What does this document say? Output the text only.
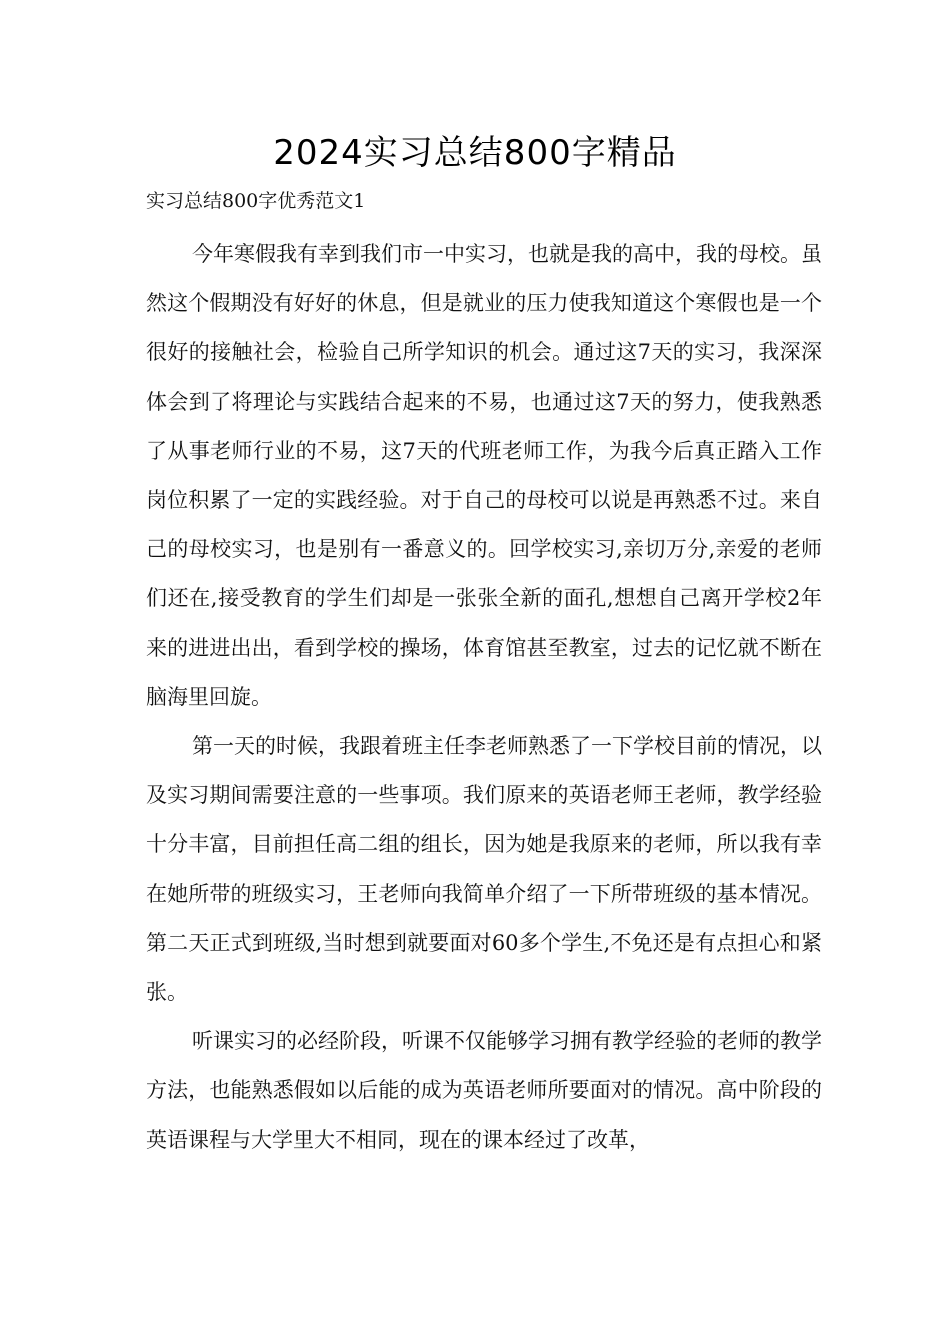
2024实习总结800字精品

实习总结800字优秀范文1

今年寒假我有幸到我们市一中实习，也就是我的高中，我的母校。虽然这个假期没有好好的休息，但是就业的压力使我知道这个寒假也是一个很好的接触社会，检验自己所学知识的机会。通过这7天的实习，我深深体会到了将理论与实践结合起来的不易，也通过这7天的努力，使我熟悉了从事老师行业的不易，这7天的代班老师工作，为我今后真正踏入工作岗位积累了一定的实践经验。对于自己的母校可以说是再熟悉不过。来自己的母校实习，也是别有一番意义的。回学校实习,亲切万分,亲爱的老师们还在,接受教育的学生们却是一张张全新的面孔,想想自己离开学校2年来的进进出出，看到学校的操场，体育馆甚至教室，过去的记忆就不断在脑海里回旋。

第一天的时候，我跟着班主任李老师熟悉了一下学校目前的情况，以及实习期间需要注意的一些事项。我们原来的英语老师王老师，教学经验十分丰富，目前担任高二组的组长，因为她是我原来的老师，所以我有幸在她所带的班级实习，王老师向我简单介绍了一下所带班级的基本情况。第二天正式到班级,当时想到就要面对60多个学生,不免还是有点担心和紧张。

听课实习的必经阶段，听课不仅能够学习拥有教学经验的老师的教学方法，也能熟悉假如以后能的成为英语老师所要面对的情况。高中阶段的英语课程与大学里大不相同，现在的课本经过了改革，
